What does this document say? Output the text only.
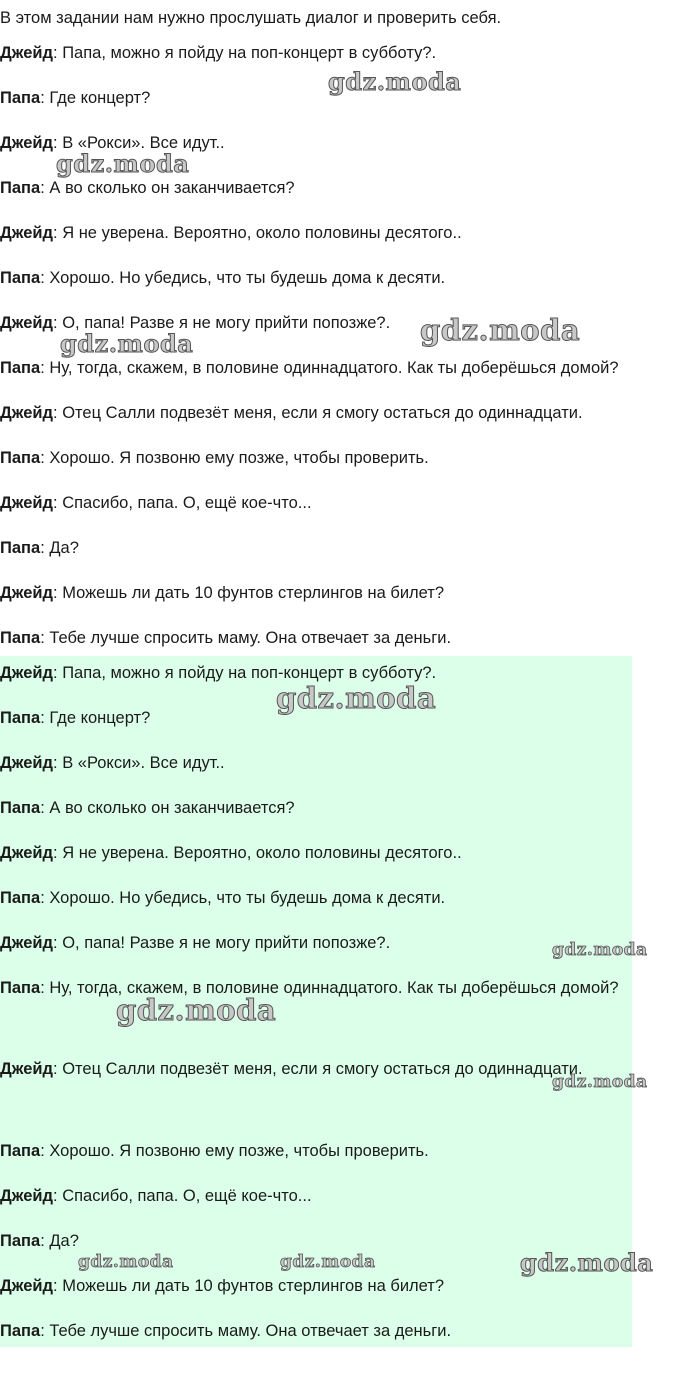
В этом задании нам нужно прослушать диалог и проверить себя.

Джейд: Папа, можно я пойду на поп-концерт в субботу?.

Папа: Где концерт?

Джейд: В «Рокси». Все идут..

Папа: А во сколько он заканчивается?

Джейд: Я не уверена. Вероятно, около половины десятого..

Папа: Хорошо. Но убедись, что ты будешь дома к десяти.

Джейд: О, папа! Разве я не могу прийти попозже?.

Папа: Ну, тогда, скажем, в половине одиннадцатого. Как ты доберёшься домой?

Джейд: Отец Салли подвезёт меня, если я смогу остаться до одиннадцати.

Папа: Хорошо. Я позвоню ему позже, чтобы проверить.

Джейд: Спасибо, папа. О, ещё кое-что...

Папа: Да?

Джейд: Можешь ли дать 10 фунтов стерлингов на билет?

Папа: Тебе лучше спросить маму. Она отвечает за деньги.

Джейд: Папа, можно я пойду на поп-концерт в субботу?.

Папа: Где концерт?

Джейд: В «Рокси». Все идут..

Папа: А во сколько он заканчивается?

Джейд: Я не уверена. Вероятно, около половины десятого..

Папа: Хорошо. Но убедись, что ты будешь дома к десяти.

Джейд: О, папа! Разве я не могу прийти попозже?.

Папа: Ну, тогда, скажем, в половине одиннадцатого. Как ты доберёшься домой?

Джейд: Отец Салли подвезёт меня, если я смогу остаться до одиннадцати.

Папа: Хорошо. Я позвоню ему позже, чтобы проверить.

Джейд: Спасибо, папа. О, ещё кое-что...

Папа: Да?

Джейд: Можешь ли дать 10 фунтов стерлингов на билет?

Папа: Тебе лучше спросить маму. Она отвечает за деньги.

gdz.moda
gdz.moda
gdz.moda
gdz.moda
gdz.moda
gdz.moda
gdz.moda
gdz.moda
gdz.moda	gdz.moda	gdz.moda
